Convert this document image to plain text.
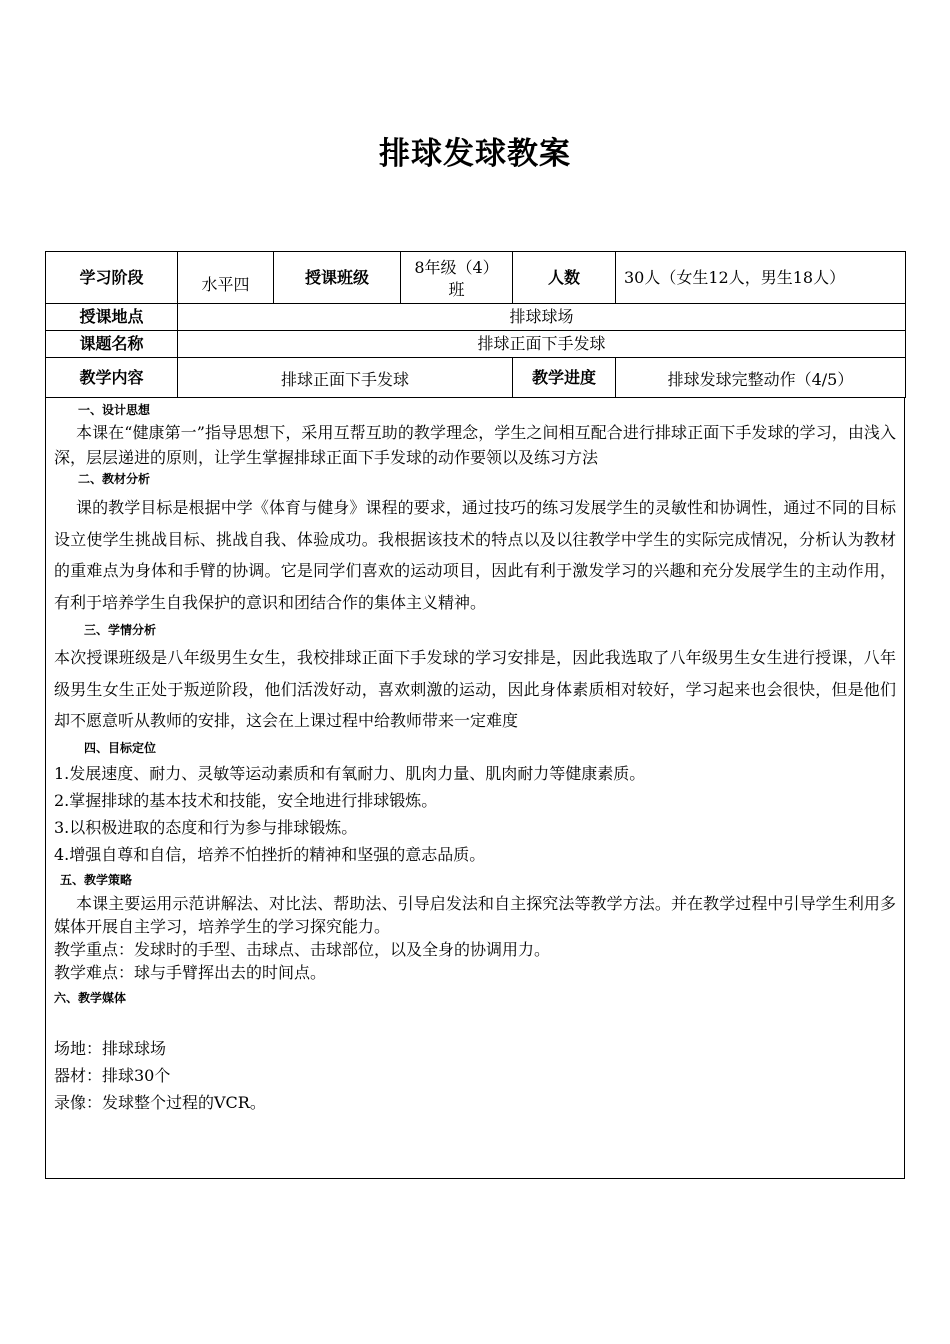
排球发球教案
学习阶段	水平四	授课班级	8年级（4）班	人数	30人（女生12人，男生18人）
授课地点	排球球场				
课题名称	排球正面下手发球				
教学内容	排球正面下手发球			教学进度	排球发球完整动作（4/5）

一、设计思想

本课在“健康第一”指导思想下，采用互帮互助的教学理念，学生之间相互配合进行排球正面下手发球的学习，由浅入深，层层递进的原则，让学生掌握排球正面下手发球的动作要领以及练习方法

二、教材分析

课的教学目标是根据中学《体育与健身》课程的要求，通过技巧的练习发展学生的灵敏性和协调性，通过不同的目标设立使学生挑战目标、挑战自我、体验成功。我根据该技术的特点以及以往教学中学生的实际完成情况，分析认为教材的重难点为身体和手臂的协调。它是同学们喜欢的运动项目，因此有利于激发学习的兴趣和充分发展学生的主动作用，有利于培养学生自我保护的意识和团结合作的集体主义精神。

三、学情分析

本次授课班级是八年级男生女生，我校排球正面下手发球的学习安排是，因此我选取了八年级男生女生进行授课，八年级男生女生正处于叛逆阶段，他们活泼好动，喜欢刺激的运动，因此身体素质相对较好，学习起来也会很快，但是他们却不愿意听从教师的安排，这会在上课过程中给教师带来一定难度

四、目标定位

1.发展速度、耐力、灵敏等运动素质和有氧耐力、肌肉力量、肌肉耐力等健康素质。

2.掌握排球的基本技术和技能，安全地进行排球锻炼。

3.以积极进取的态度和行为参与排球锻炼。

4.增强自尊和自信，培养不怕挫折的精神和坚强的意志品质。

五、教学策略

本课主要运用示范讲解法、对比法、帮助法、引导启发法和自主探究法等教学方法。并在教学过程中引导学生利用多媒体开展自主学习，培养学生的学习探究能力。

教学重点：发球时的手型、击球点、击球部位，以及全身的协调用力。

教学难点：球与手臂挥出去的时间点。

六、教学媒体

场地：排球球场

器材：排球30个

录像：发球整个过程的VCR。
